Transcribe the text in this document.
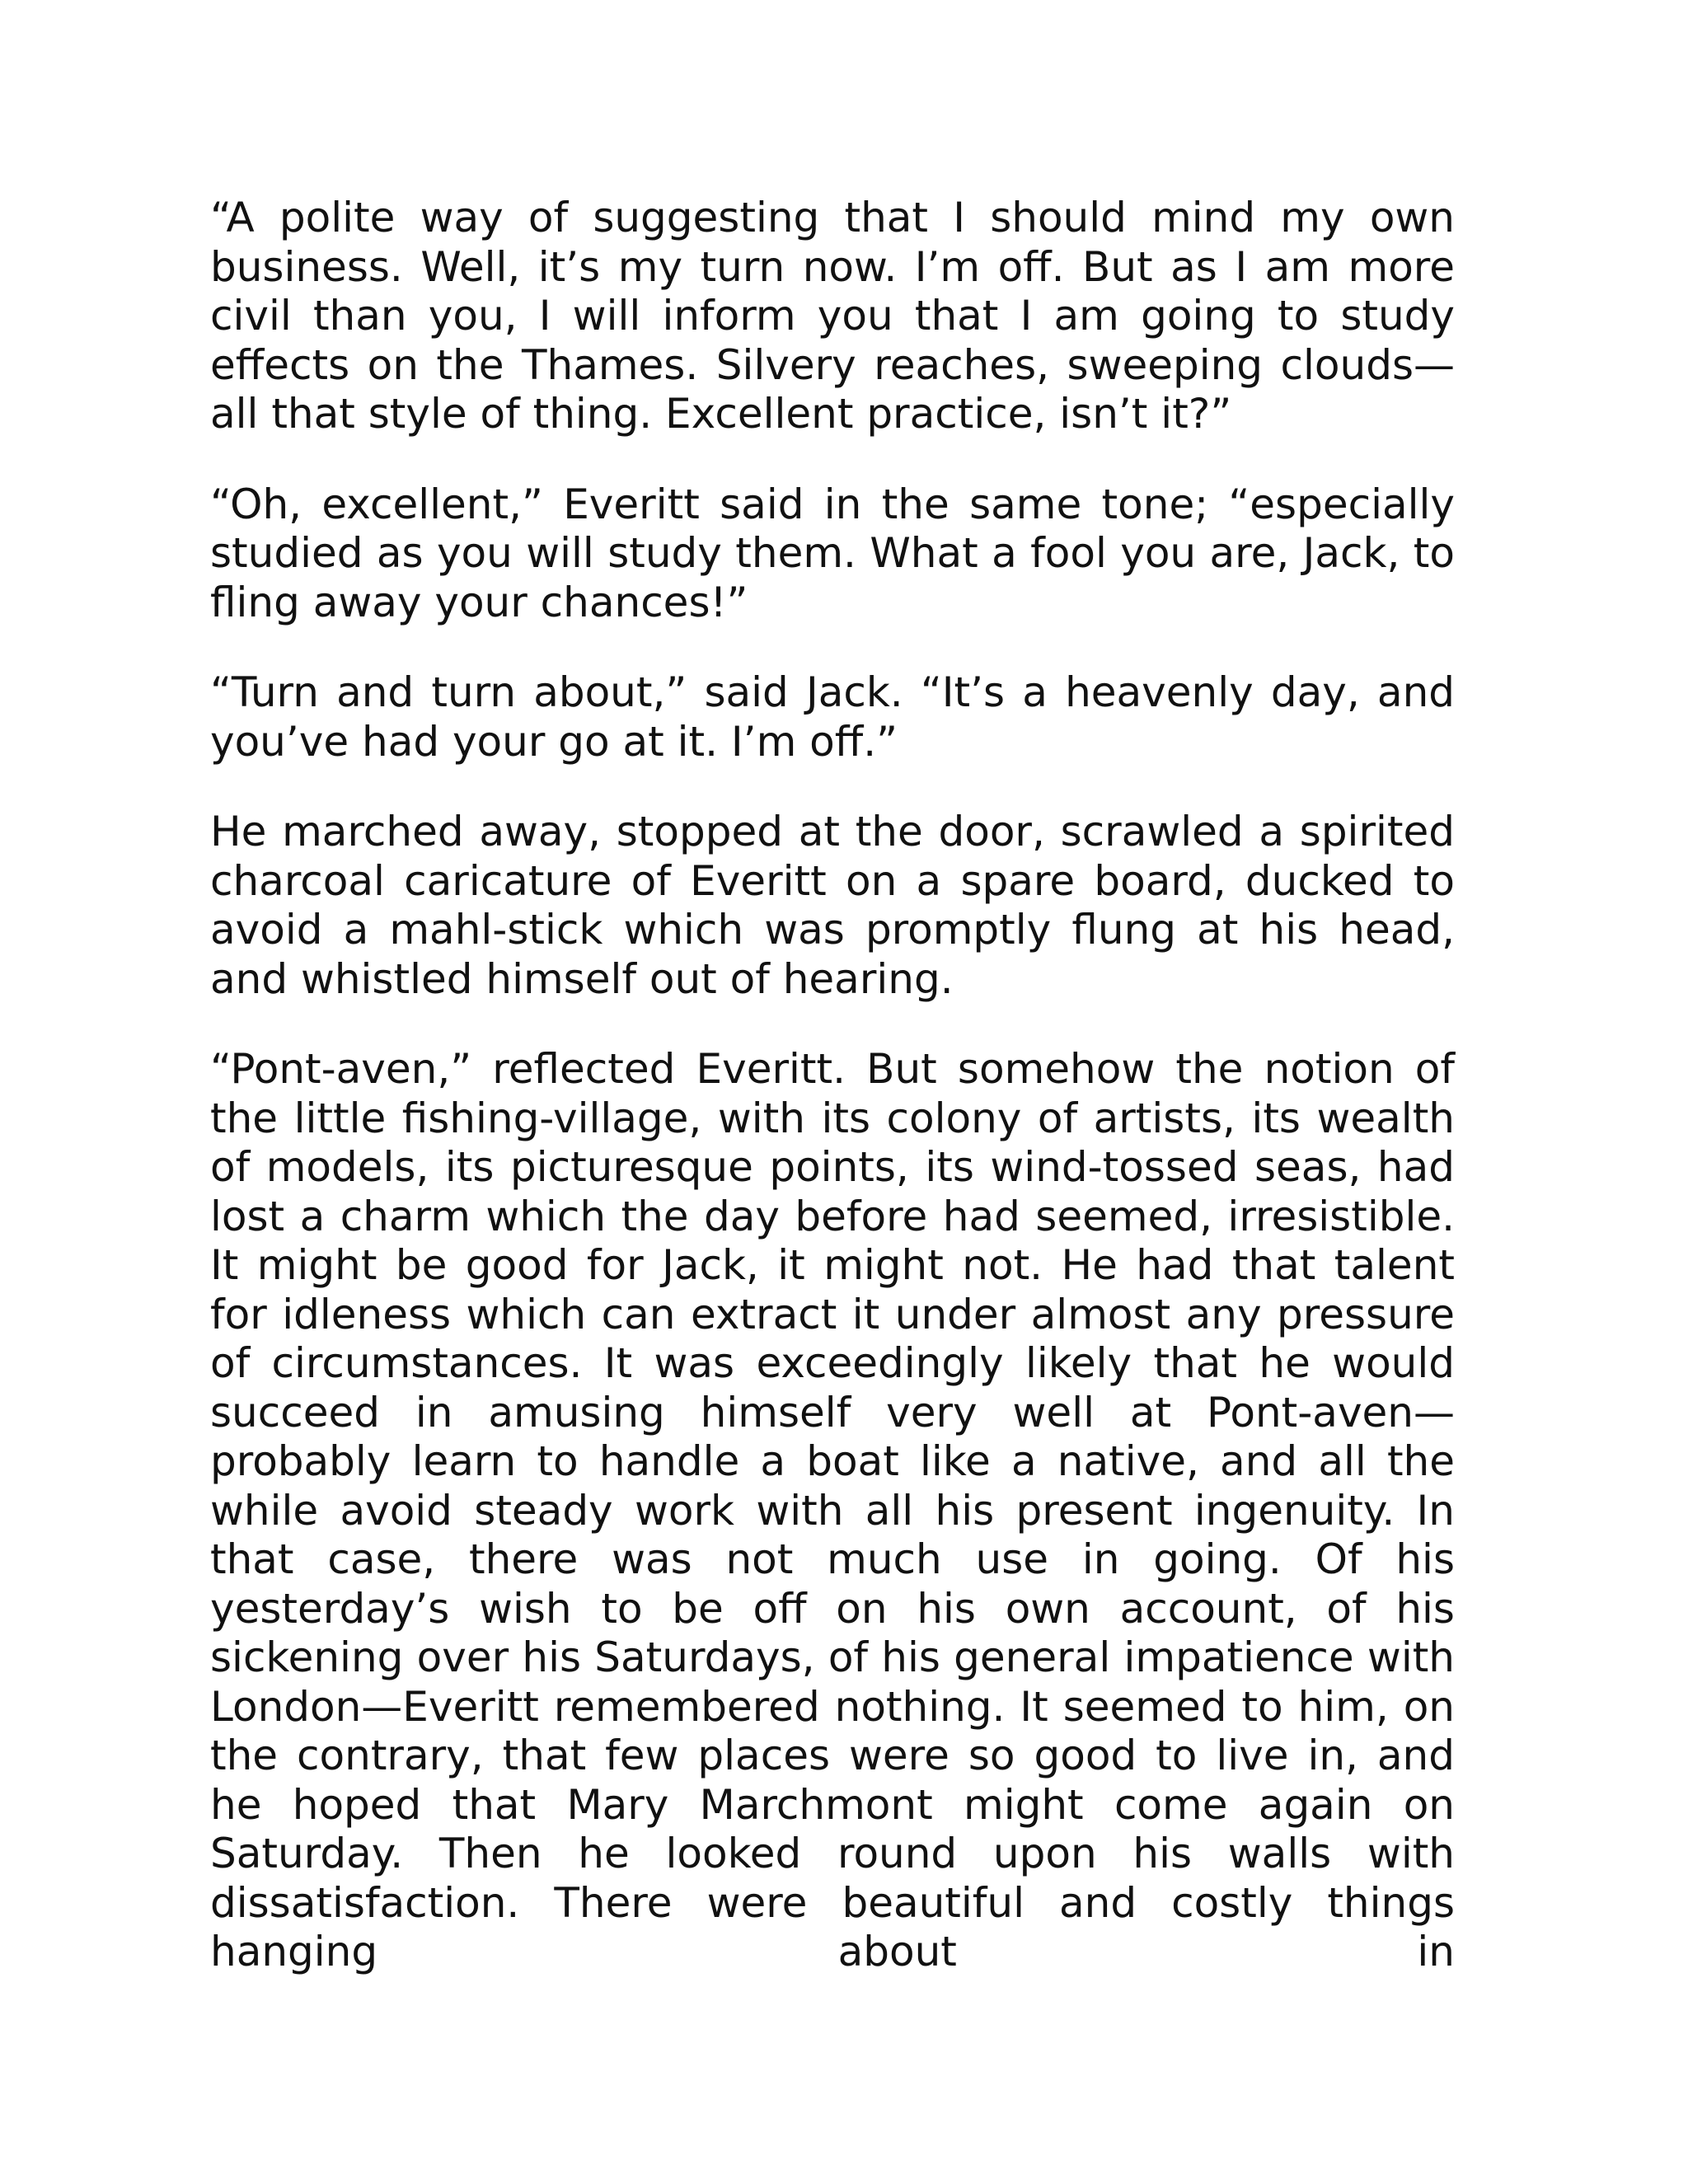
“A polite way of suggesting that I should mind my own business. Well, it’s my turn now. I’m off. But as I am more civil than you, I will inform you that I am going to study effects on the Thames. Silvery reaches, sweeping clouds—all that style of thing. Excellent practice, isn’t it?”

“Oh, excellent,” Everitt said in the same tone; “especially studied as you will study them. What a fool you are, Jack, to fling away your chances!”

“Turn and turn about,” said Jack. “It’s a heavenly day, and you’ve had your go at it. I’m off.”

He marched away, stopped at the door, scrawled a spirited charcoal caricature of Everitt on a spare board, ducked to avoid a mahl-stick which was promptly flung at his head, and whistled himself out of hearing.

“Pont-aven,” reflected Everitt. But somehow the notion of the little fishing-village, with its colony of artists, its wealth of models, its picturesque points, its wind-tossed seas, had lost a charm which the day before had seemed, irresistible. It might be good for Jack, it might not. He had that talent for idleness which can extract it under almost any pressure of circumstances. It was exceedingly likely that he would succeed in amusing himself very well at Pont-aven—probably learn to handle a boat like a native, and all the while avoid steady work with all his present ingenuity. In that case, there was not much use in going. Of his yesterday’s wish to be off on his own account, of his sickening over his Saturdays, of his general impatience with London—Everitt remembered nothing. It seemed to him, on the contrary, that few places were so good to live in, and he hoped that Mary Marchmont might come again on Saturday. Then he looked round upon his walls with dissatisfaction. There were beautiful and costly things hanging about in
